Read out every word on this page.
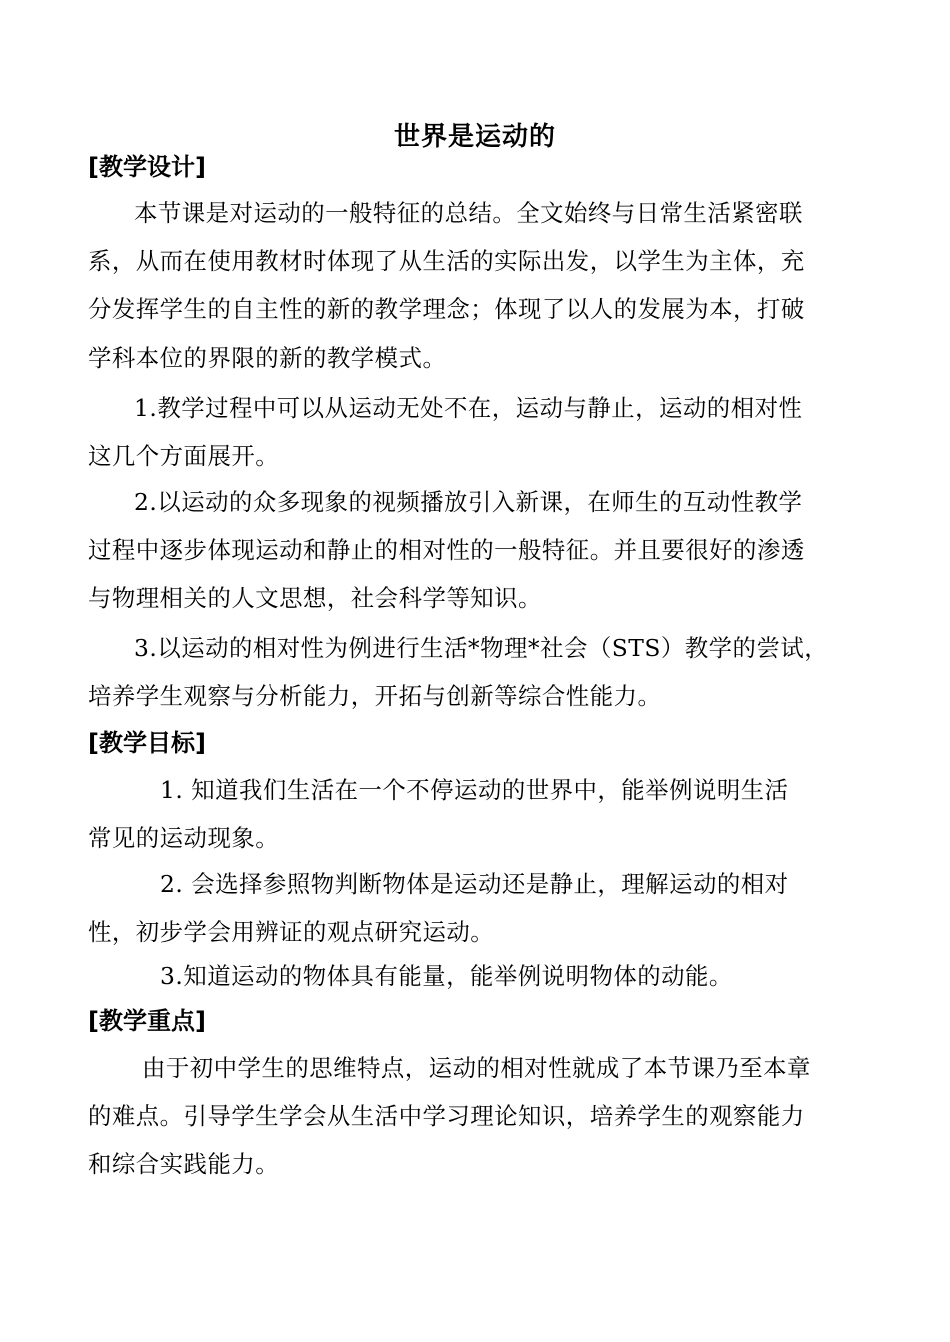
世界是运动的
[教学设计]
本节课是对运动的一般特征的总结。全文始终与日常生活紧密联
系，从而在使用教材时体现了从生活的实际出发，以学生为主体，充
分发挥学生的自主性的新的教学理念；体现了以人的发展为本，打破
学科本位的界限的新的教学模式。
1.教学过程中可以从运动无处不在，运动与静止，运动的相对性
这几个方面展开。
2.以运动的众多现象的视频播放引入新课，在师生的互动性教学
过程中逐步体现运动和静止的相对性的一般特征。并且要很好的渗透
与物理相关的人文思想，社会科学等知识。
3.以运动的相对性为例进行生活*物理*社会（STS）教学的尝试，
培养学生观察与分析能力，开拓与创新等综合性能力。
[教学目标]
1. 知道我们生活在一个不停运动的世界中，能举例说明生活
常见的运动现象。
2. 会选择参照物判断物体是运动还是静止，理解运动的相对
性，初步学会用辨证的观点研究运动。
3.知道运动的物体具有能量，能举例说明物体的动能。
[教学重点]
由于初中学生的思维特点，运动的相对性就成了本节课乃至本章
的难点。引导学生学会从生活中学习理论知识，培养学生的观察能力
和综合实践能力。
